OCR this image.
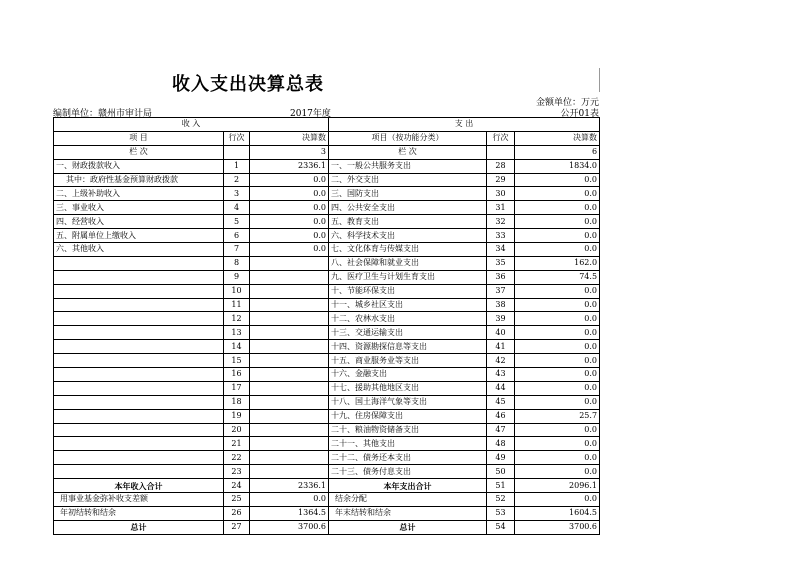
收入支出决算总表
金额单位：万元
编制单位：赣州市审计局	2017年度	公开01表
收 入			支 出		
项 目	行次	决算数	项目（按功能分类）	行次	决算数
栏 次		3	栏 次		6
一、财政拨款收入	1	2336.1	一、一般公共服务支出	28	1834.0
其中：政府性基金预算财政拨款	2	0.0	二、外交支出	29	0.0
二、上级补助收入	3	0.0	三、国防支出	30	0.0
三、事业收入	4	0.0	四、公共安全支出	31	0.0
四、经营收入	5	0.0	五、教育支出	32	0.0
五、附属单位上缴收入	6	0.0	六、科学技术支出	33	0.0
六、其他收入	7	0.0	七、文化体育与传媒支出	34	0.0
	8		八、社会保障和就业支出	35	162.0
	9		九、医疗卫生与计划生育支出	36	74.5
	10		十、节能环保支出	37	0.0
	11		十一、城乡社区支出	38	0.0
	12		十二、农林水支出	39	0.0
	13		十三、交通运输支出	40	0.0
	14		十四、资源勘探信息等支出	41	0.0
	15		十五、商业服务业等支出	42	0.0
	16		十六、金融支出	43	0.0
	17		十七、援助其他地区支出	44	0.0
	18		十八、国土海洋气象等支出	45	0.0
	19		十九、住房保障支出	46	25.7
	20		二十、粮油物资储备支出	47	0.0
	21		二十一、其他支出	48	0.0
	22		二十二、债务还本支出	49	0.0
	23		二十三、债务付息支出	50	0.0
本年收入合计	24	2336.1	本年支出合计	51	2096.1
用事业基金弥补收支差额	25	0.0	结余分配	52	0.0
年初结转和结余	26	1364.5	年末结转和结余	53	1604.5
总计	27	3700.6	总计	54	3700.6
